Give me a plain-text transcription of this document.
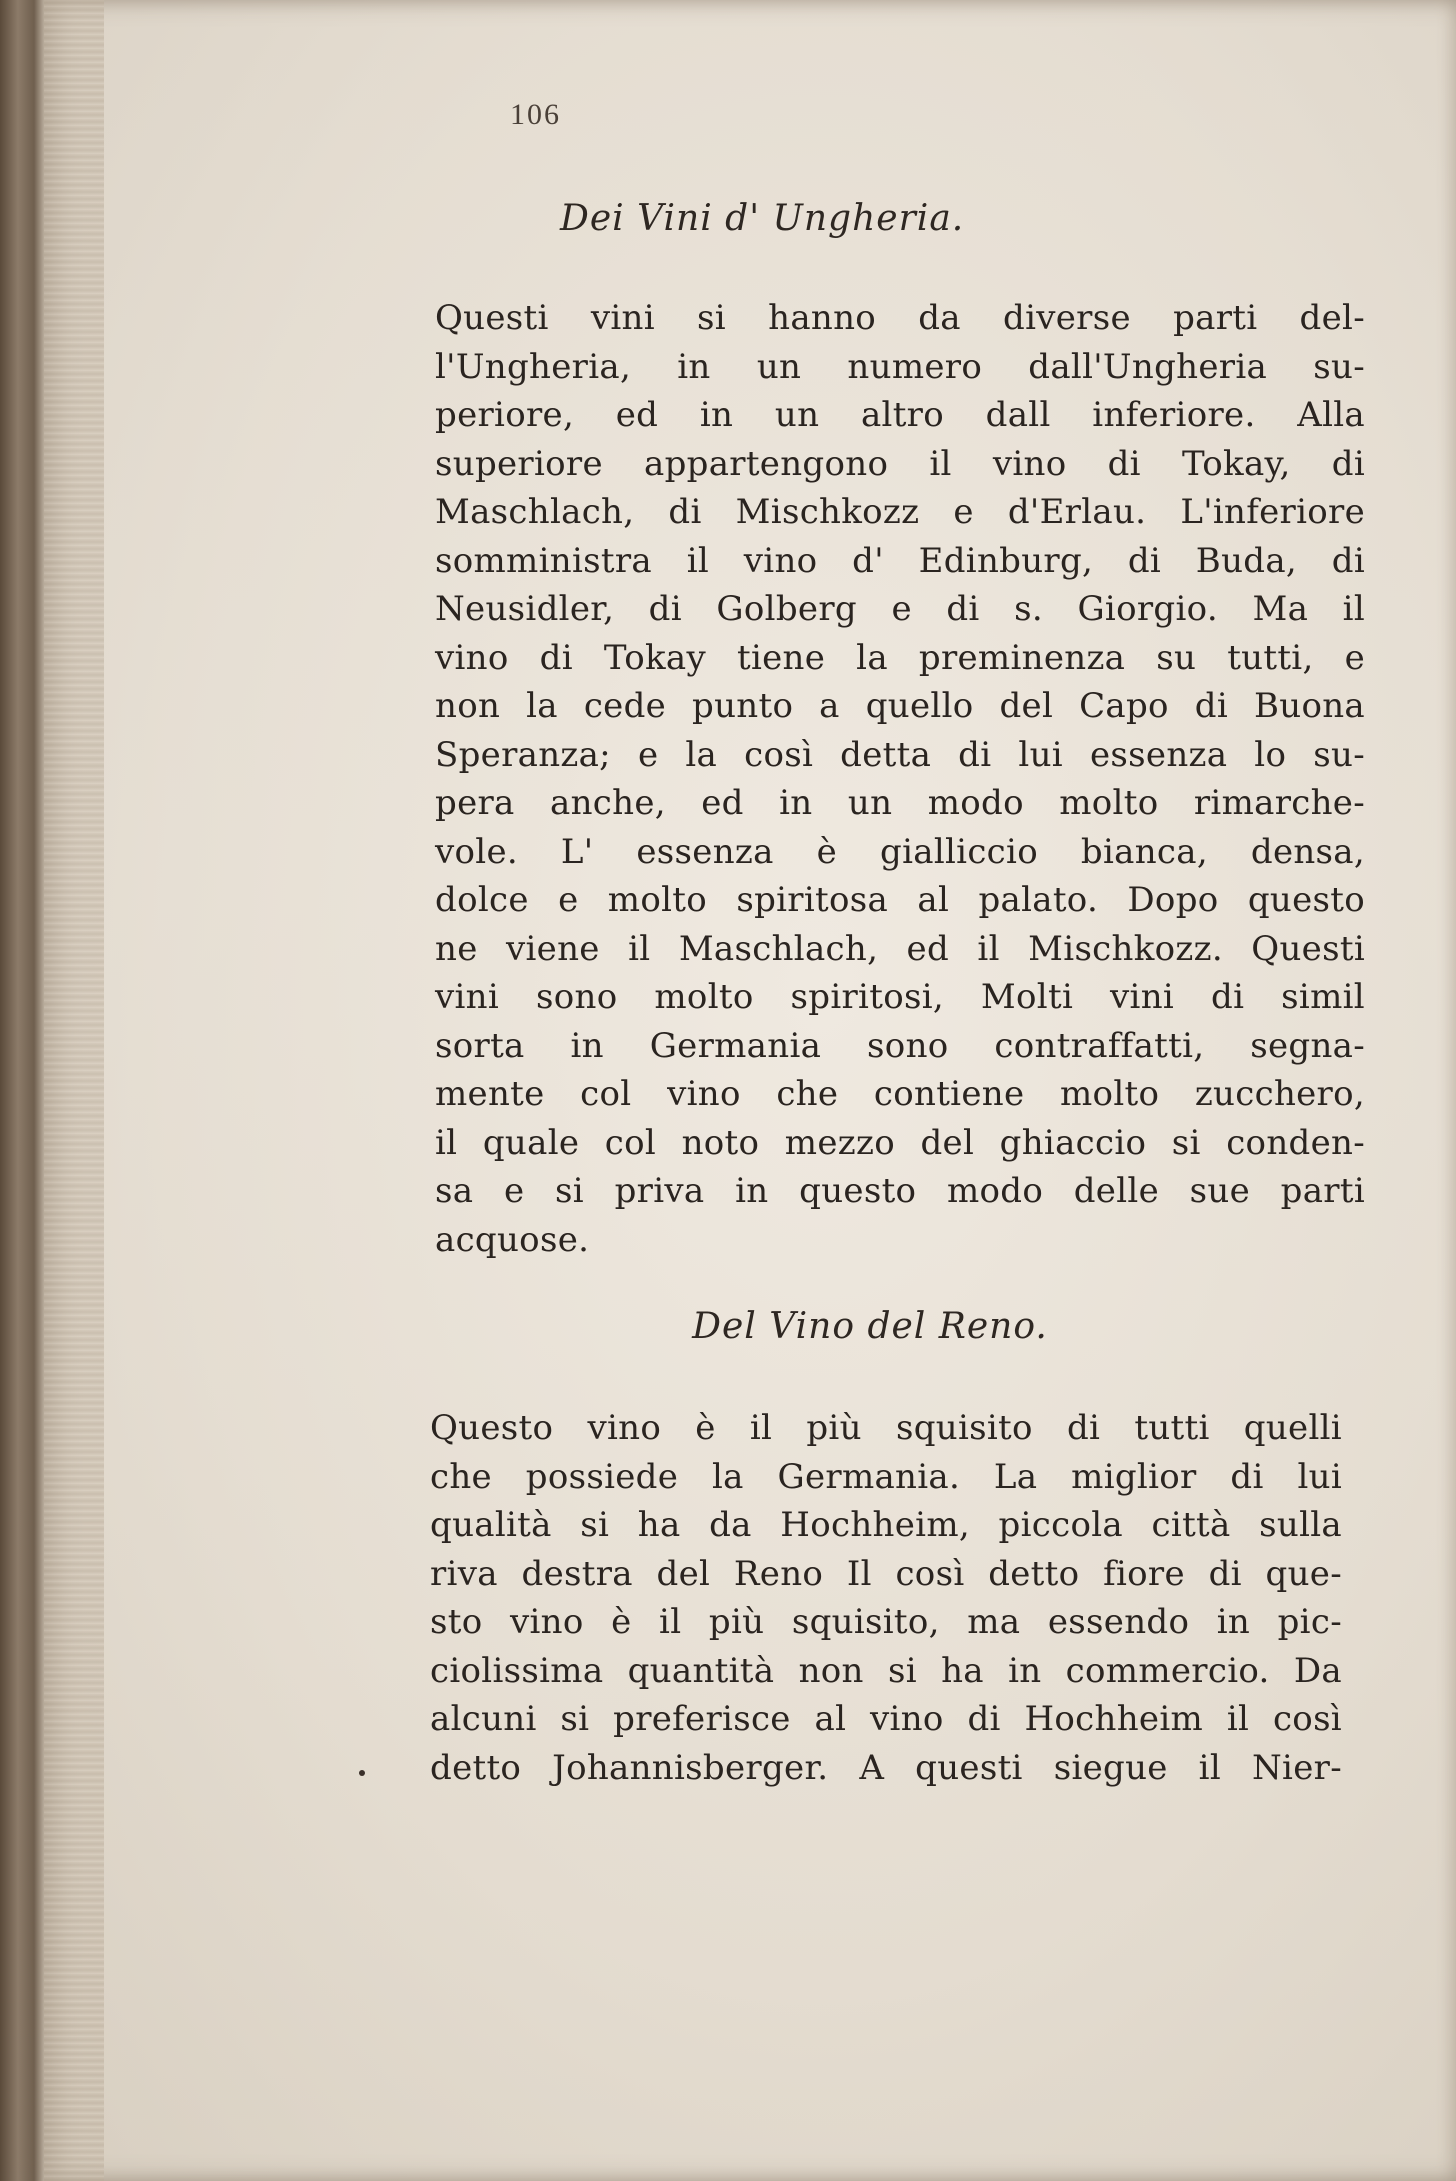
106
Dei Vini d' Ungheria.
Questi vini si hanno da diverse parti del-
l'Ungheria, in un numero dall'Ungheria su-
periore, ed in un altro dall inferiore. Alla
superiore appartengono il vino di Tokay, di
Maschlach, di Mischkozz e d'Erlau. L'inferiore
somministra il vino d' Edinburg, di Buda, di
Neusidler, di Golberg e di s. Giorgio. Ma il
vino di Tokay tiene la preminenza su tutti, e
non la cede punto a quello del Capo di Buona
Speranza; e la così detta di lui essenza lo su-
pera anche, ed in un modo molto rimarche-
vole. L' essenza è gialliccio bianca, densa,
dolce e molto spiritosa al palato. Dopo questo
ne viene il Maschlach, ed il Mischkozz. Questi
vini sono molto spiritosi, Molti vini di simil
sorta in Germania sono contraffatti, segna-
mente col vino che contiene molto zucchero,
il quale col noto mezzo del ghiaccio si conden-
sa e si priva in questo modo delle sue parti
acquose.
Del Vino del Reno.
Questo vino è il più squisito di tutti quelli
che possiede la Germania. La miglior di lui
qualità si ha da Hochheim, piccola città sulla
riva destra del Reno Il così detto fiore di que-
sto vino è il più squisito, ma essendo in pic-
ciolissima quantità non si ha in commercio. Da
alcuni si preferisce al vino di Hochheim il così
detto Johannisberger. A questi siegue il Nier-
